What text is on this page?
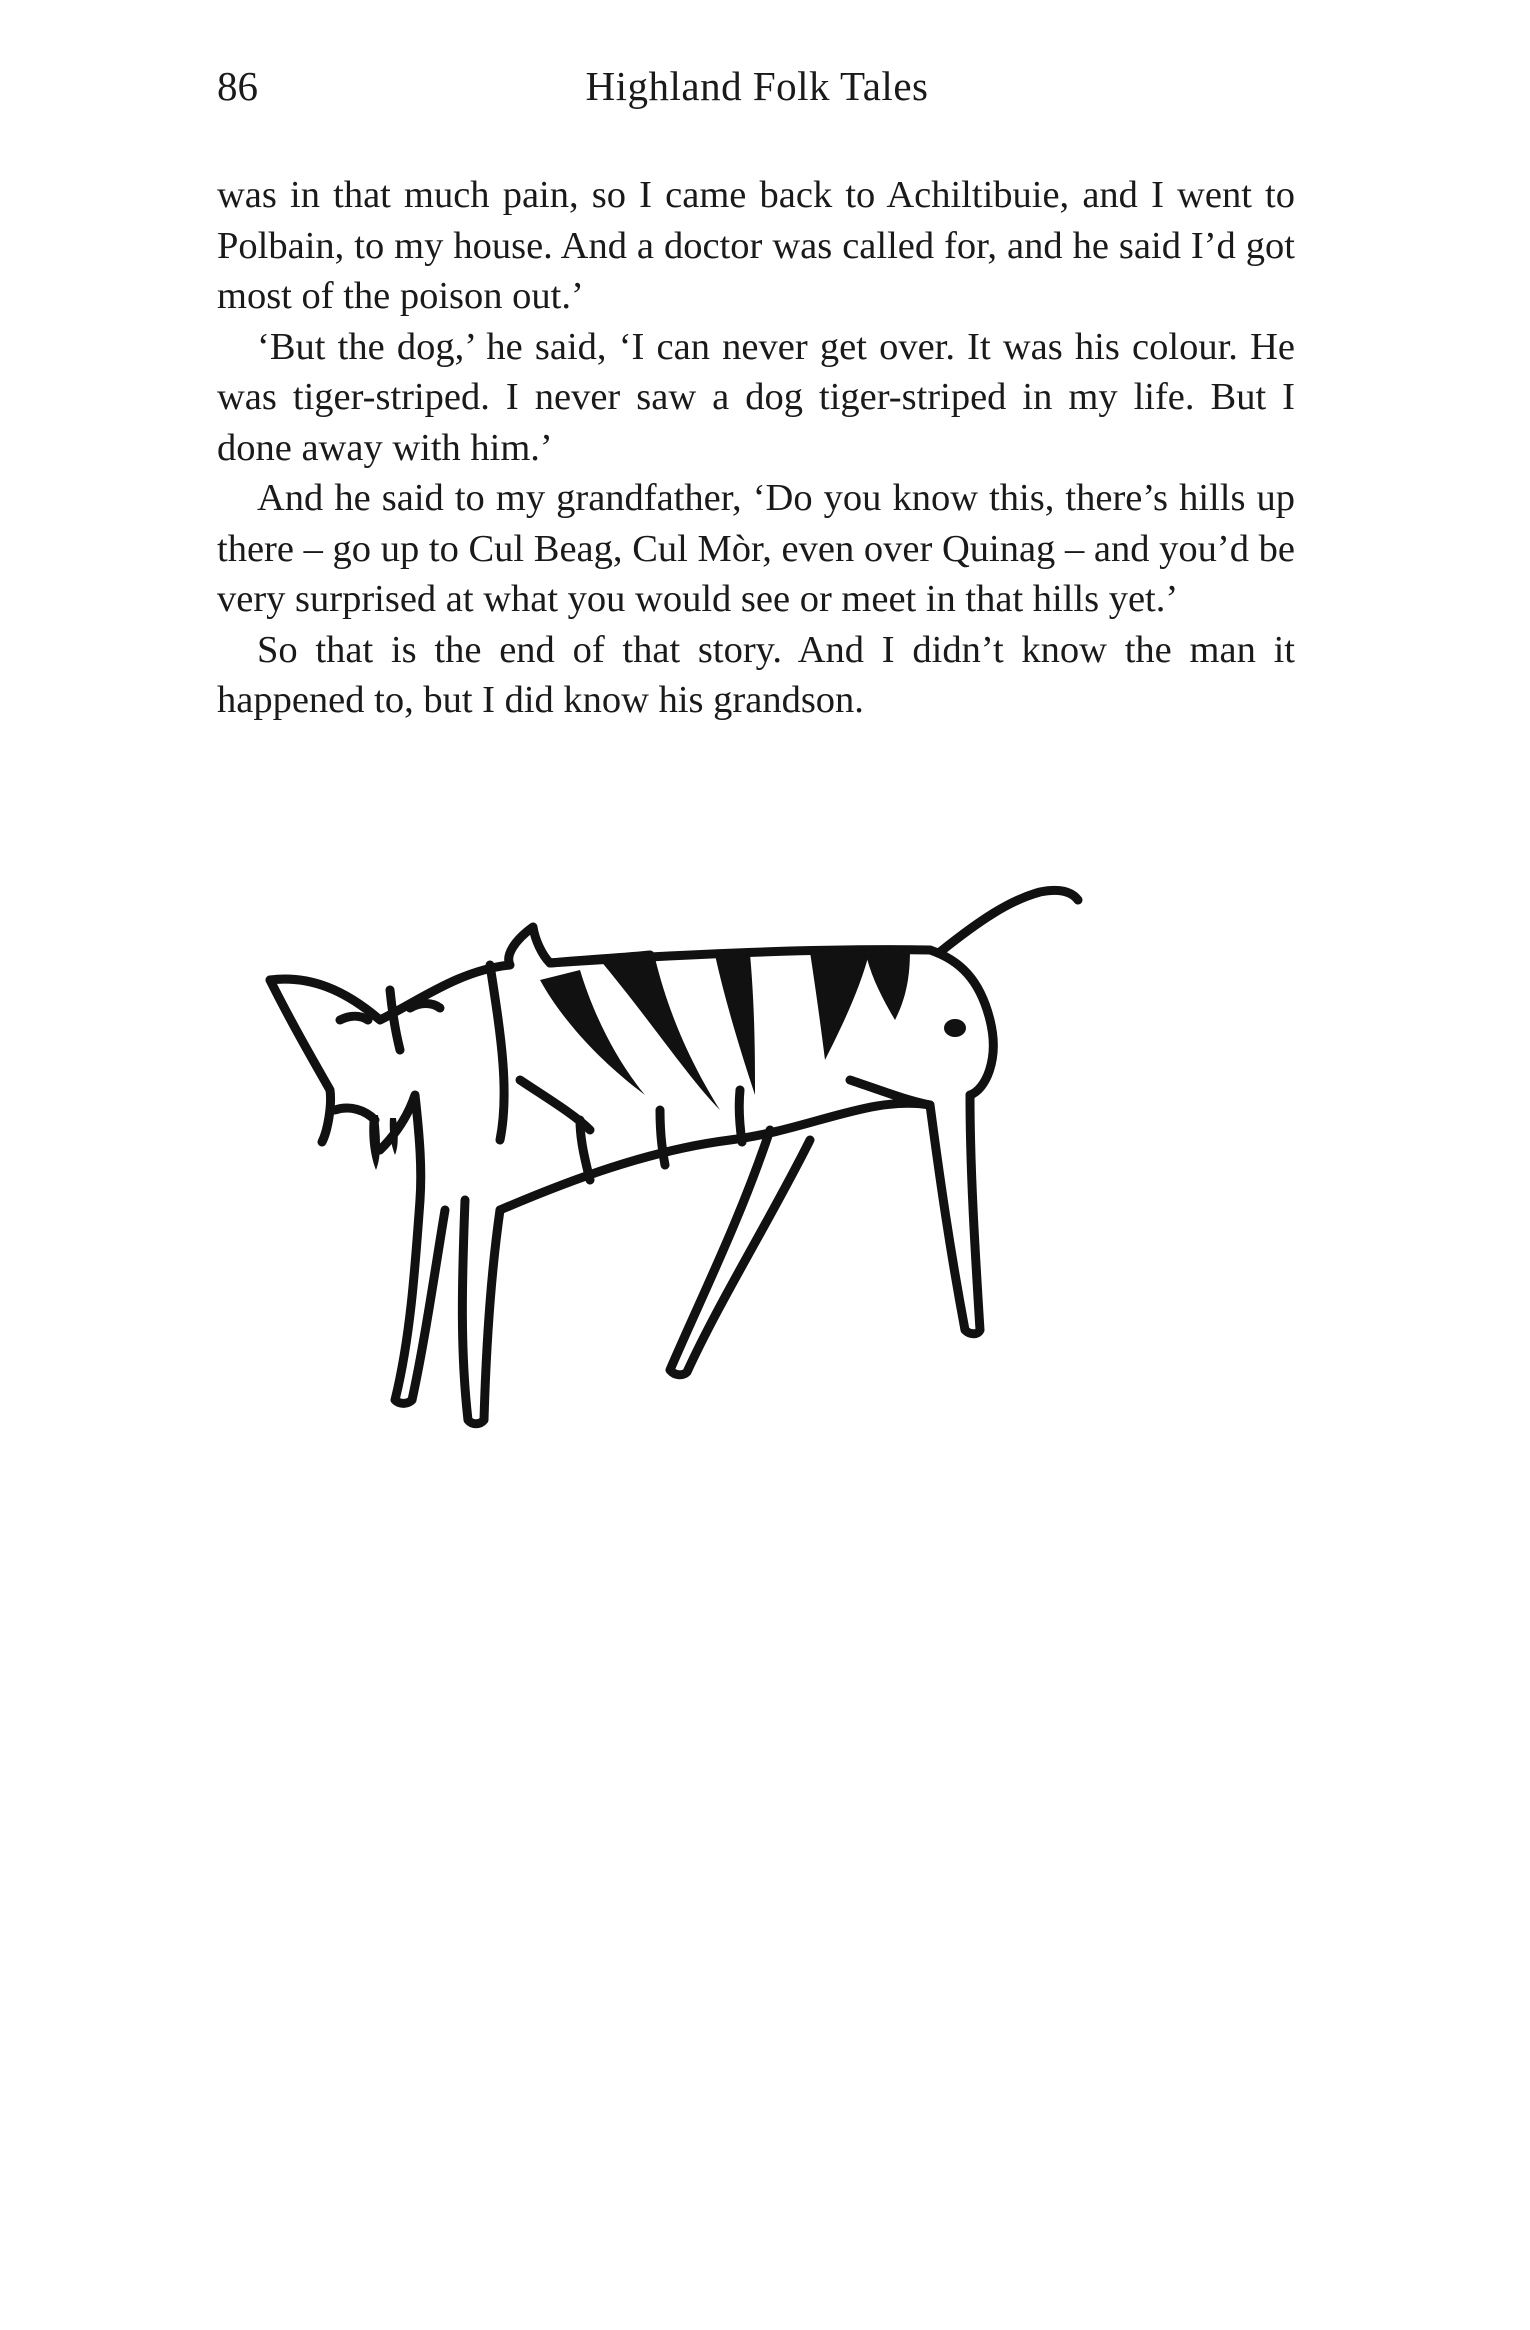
86	Highland Folk Tales

was in that much pain, so I came back to Achiltibuie, and I went to Polbain, to my house. And a doctor was called for, and he said I’d got most of the poison out.’

‘But the dog,’ he said, ‘I can never get over. It was his colour. He was tiger-striped. I never saw a dog tiger-striped in my life. But I done away with him.’

And he said to my grandfather, ‘Do you know this, there’s hills up there – go up to Cul Beag, Cul Mòr, even over Quinag – and you’d be very surprised at what you would see or meet in that hills yet.’

So that is the end of that story. And I didn’t know the man it happened to, but I did know his grandson.
